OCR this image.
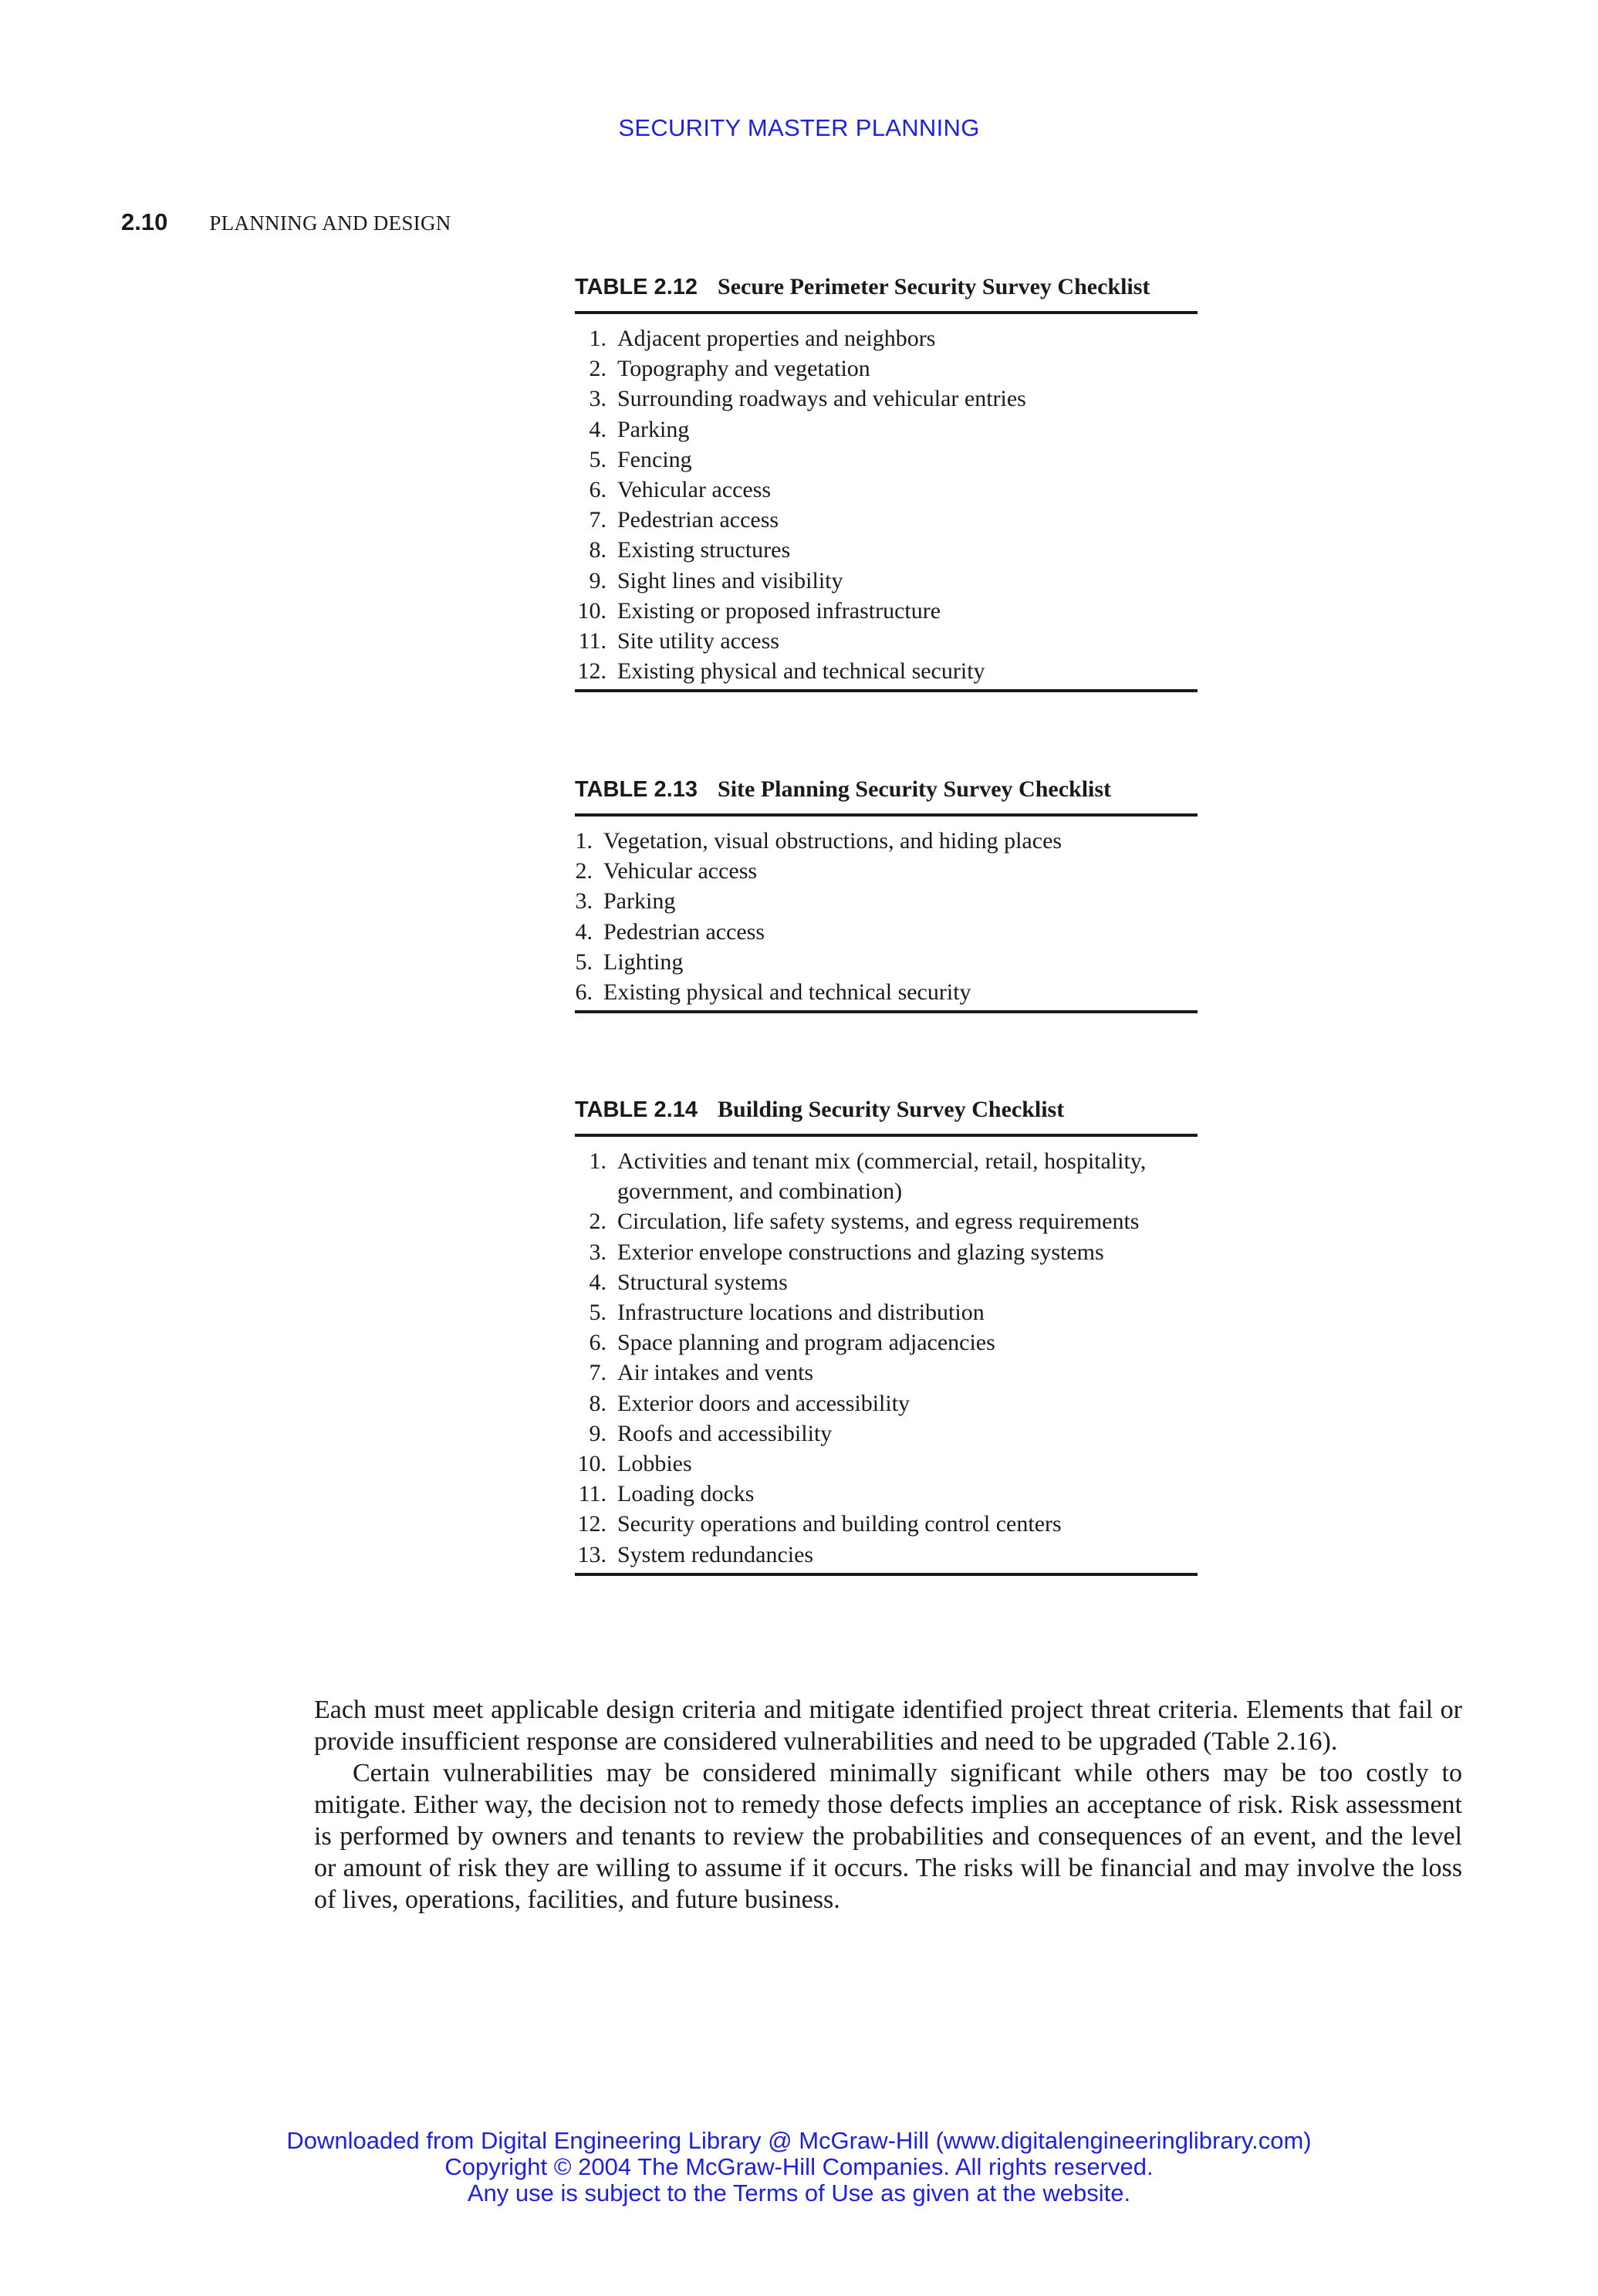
SECURITY MASTER PLANNING
2.10 PLANNING AND DESIGN
TABLE 2.12 Secure Perimeter Security Survey Checklist
1. Adjacent properties and neighbors
2. Topography and vegetation
3. Surrounding roadways and vehicular entries
4. Parking
5. Fencing
6. Vehicular access
7. Pedestrian access
8. Existing structures
9. Sight lines and visibility
10. Existing or proposed infrastructure
11. Site utility access
12. Existing physical and technical security
TABLE 2.13 Site Planning Security Survey Checklist
1. Vegetation, visual obstructions, and hiding places
2. Vehicular access
3. Parking
4. Pedestrian access
5. Lighting
6. Existing physical and technical security
TABLE 2.14 Building Security Survey Checklist
1. Activities and tenant mix (commercial, retail, hospitality,
government, and combination)
2. Circulation, life safety systems, and egress requirements
3. Exterior envelope constructions and glazing systems
4. Structural systems
5. Infrastructure locations and distribution
6. Space planning and program adjacencies
7. Air intakes and vents
8. Exterior doors and accessibility
9. Roofs and accessibility
10. Lobbies
11. Loading docks
12. Security operations and building control centers
13. System redundancies

Each must meet applicable design criteria and mitigate identified project threat criteria. Elements that fail or provide insufficient response are considered vulnerabilities and need to be upgraded (Table 2.16).

Certain vulnerabilities may be considered minimally significant while others may be too costly to mitigate. Either way, the decision not to remedy those defects implies an acceptance of risk. Risk assessment is performed by owners and tenants to review the probabilities and consequences of an event, and the level or amount of risk they are willing to assume if it occurs. The risks will be financial and may involve the loss of lives, operations, facilities, and future business.

Downloaded from Digital Engineering Library @ McGraw-Hill (www.digitalengineeringlibrary.com)
Copyright © 2004 The McGraw-Hill Companies. All rights reserved.
Any use is subject to the Terms of Use as given at the website.
